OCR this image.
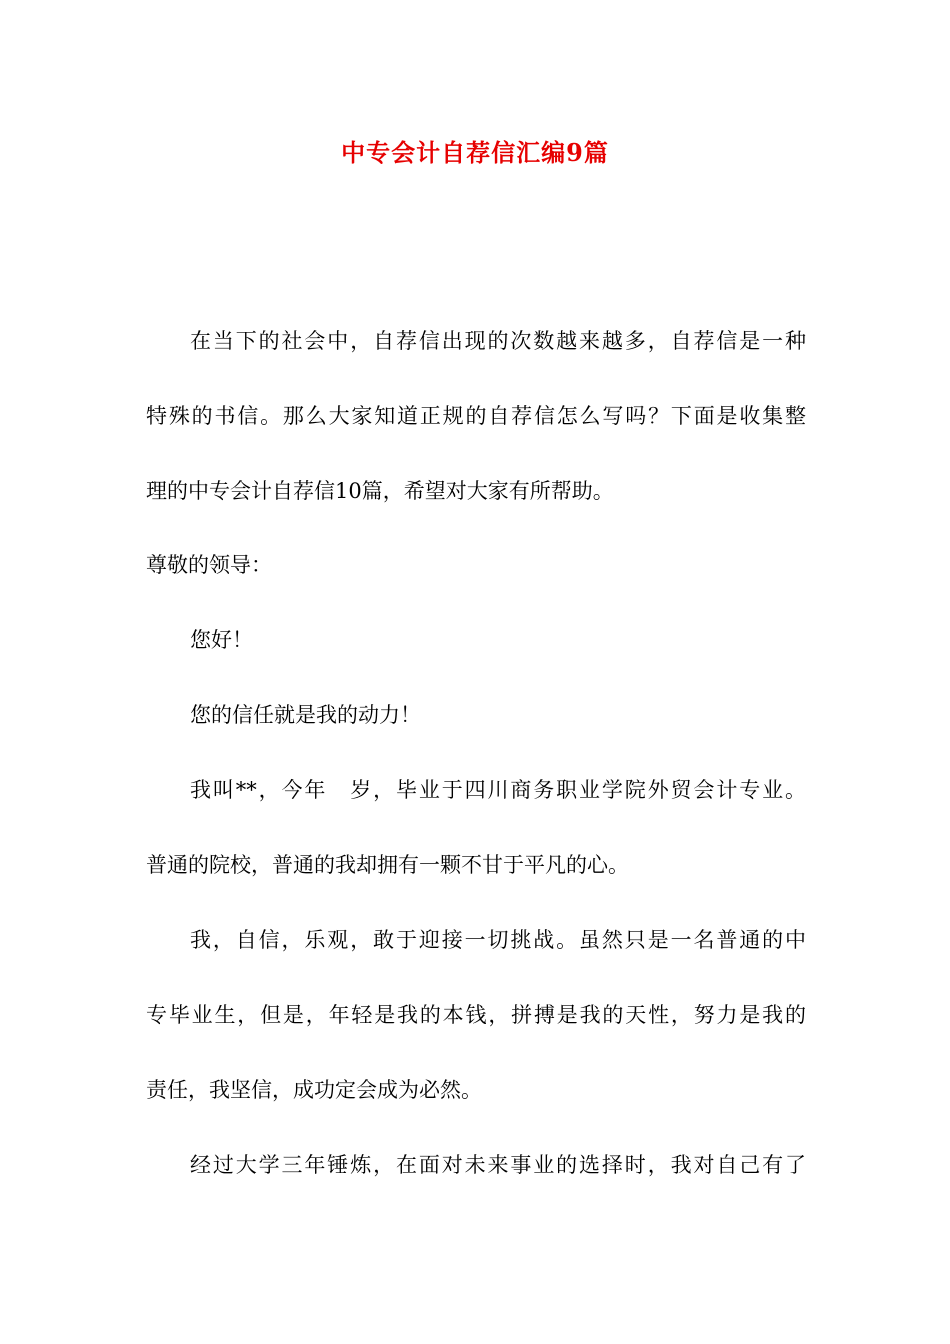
中专会计自荐信汇编9篇
在当下的社会中，自荐信出现的次数越来越多，自荐信是一种
特殊的书信。那么大家知道正规的自荐信怎么写吗？下面是收集整
理的中专会计自荐信10篇，希望对大家有所帮助。
尊敬的领导：
您好！
您的信任就是我的动力！
我叫**，今年　岁，毕业于四川商务职业学院外贸会计专业。
普通的院校，普通的我却拥有一颗不甘于平凡的心。
我，自信，乐观，敢于迎接一切挑战。虽然只是一名普通的中
专毕业生，但是，年轻是我的本钱，拼搏是我的天性，努力是我的
责任，我坚信，成功定会成为必然。
经过大学三年锤炼，在面对未来事业的选择时，我对自己有了
